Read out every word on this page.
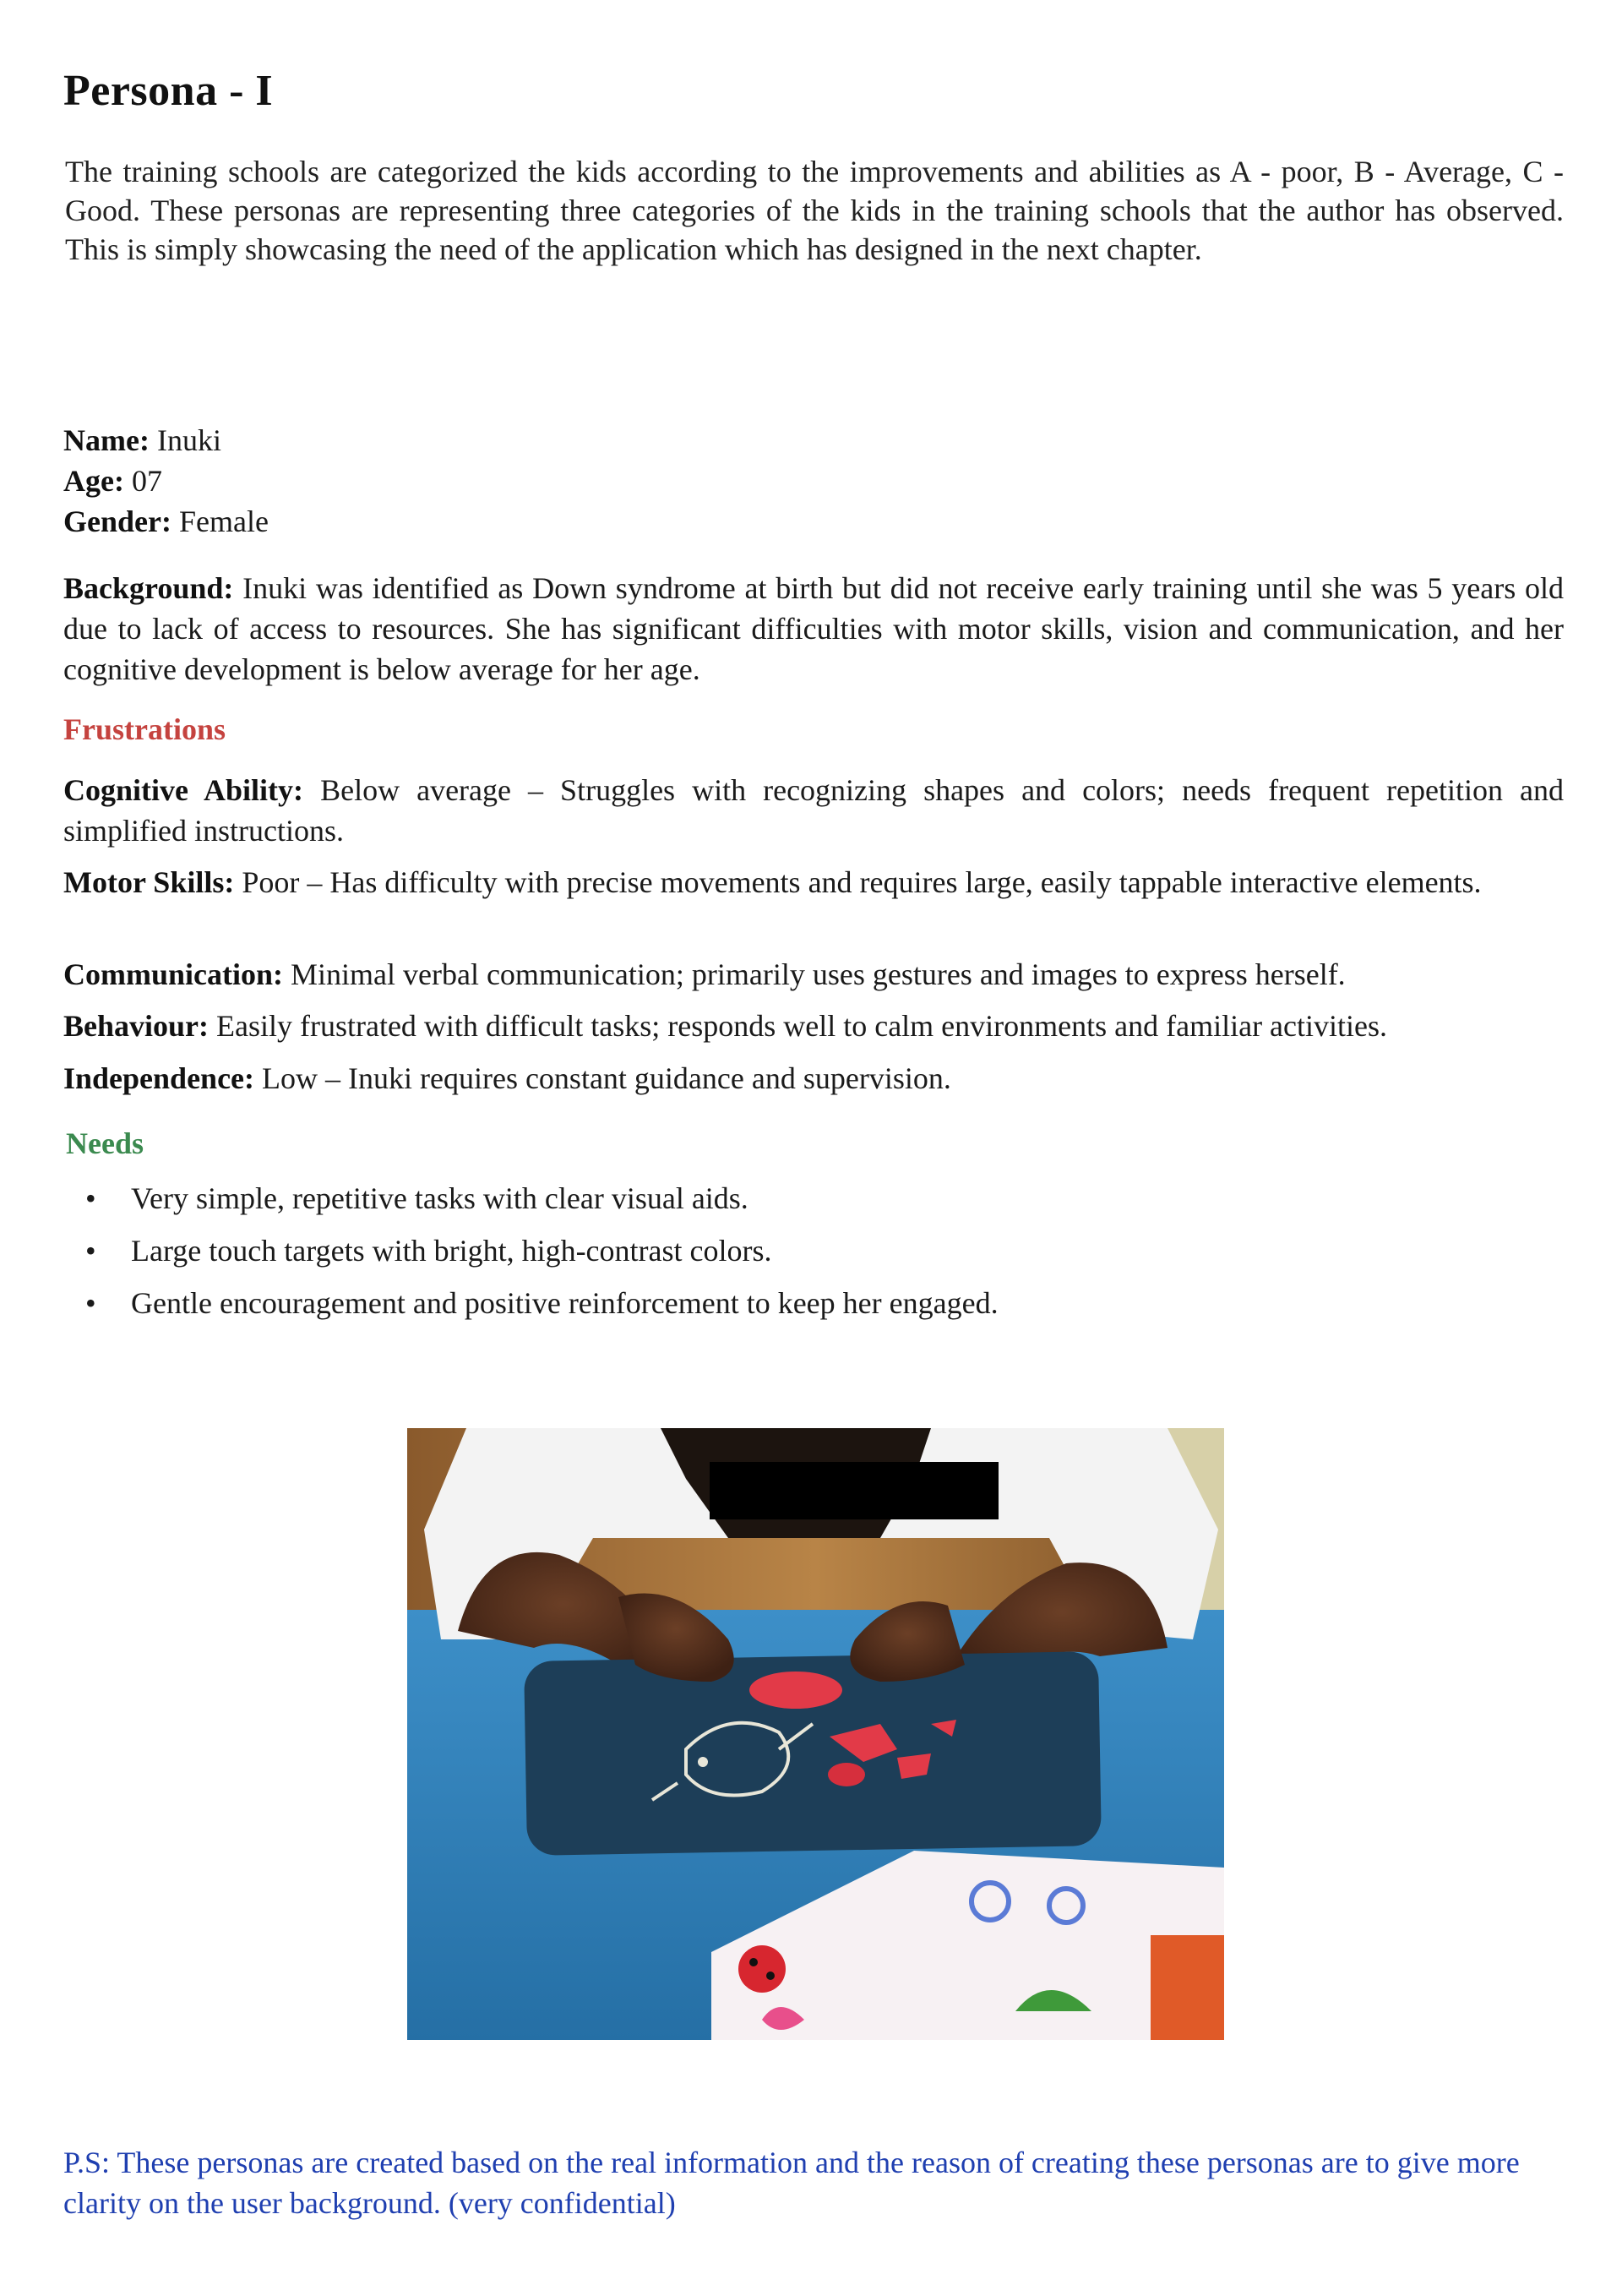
Persona - I

The training schools are categorized the kids according to the improvements and abilities as A - poor, B - Average, C - Good. These personas are representing three categories of the kids in the training schools that the author has observed. This is simply showcasing the need of the application which has designed in the next chapter.

Name: Inuki
Age: 07
Gender: Female

Background: Inuki was identified as Down syndrome at birth but did not receive early training until she was 5 years old due to lack of access to resources. She has significant difficulties with motor skills, vision and communication, and her cognitive development is below average for her age.

Frustrations

Cognitive Ability: Below average – Struggles with recognizing shapes and colors; needs frequent repetition and simplified instructions.

Motor Skills: Poor – Has difficulty with precise movements and requires large, easily tappable interactive elements.

Communication: Minimal verbal communication; primarily uses gestures and images to express herself.

Behaviour: Easily frustrated with difficult tasks; responds well to calm environments and familiar activities.

Independence: Low – Inuki requires constant guidance and supervision.

Needs
• Very simple, repetitive tasks with clear visual aids.
• Large touch targets with bright, high-contrast colors.
• Gentle encouragement and positive reinforcement to keep her engaged.

P.S: These personas are created based on the real information and the reason of creating these personas are to give more clarity on the user background. (very confidential)
